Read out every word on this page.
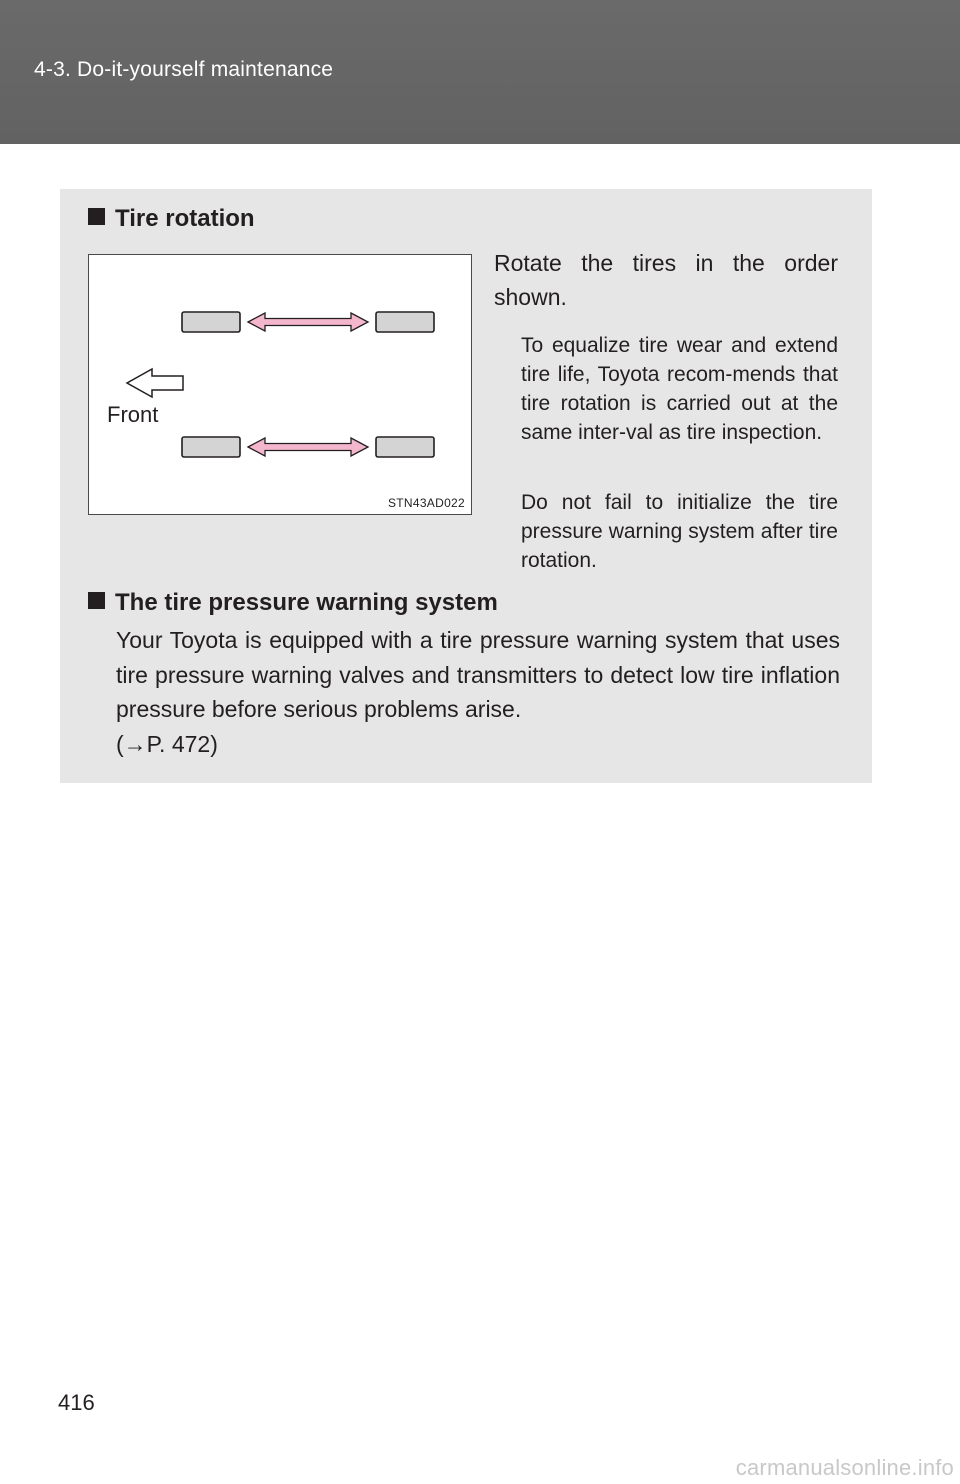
4-3. Do-it-yourself maintenance
Tire rotation
Front
STN43AD022
Rotate the tires in the order shown.
To equalize tire wear and extend tire life, Toyota recom-mends that tire rotation is carried out at the same inter-val as tire inspection.
Do not fail to initialize the tire pressure warning system after tire rotation.
The tire pressure warning system
Your Toyota is equipped with a tire pressure warning system that uses tire pressure warning valves and transmitters to detect low tire inflation pressure before serious problems arise.
(→P. 472)
416
carmanualsonline.info
